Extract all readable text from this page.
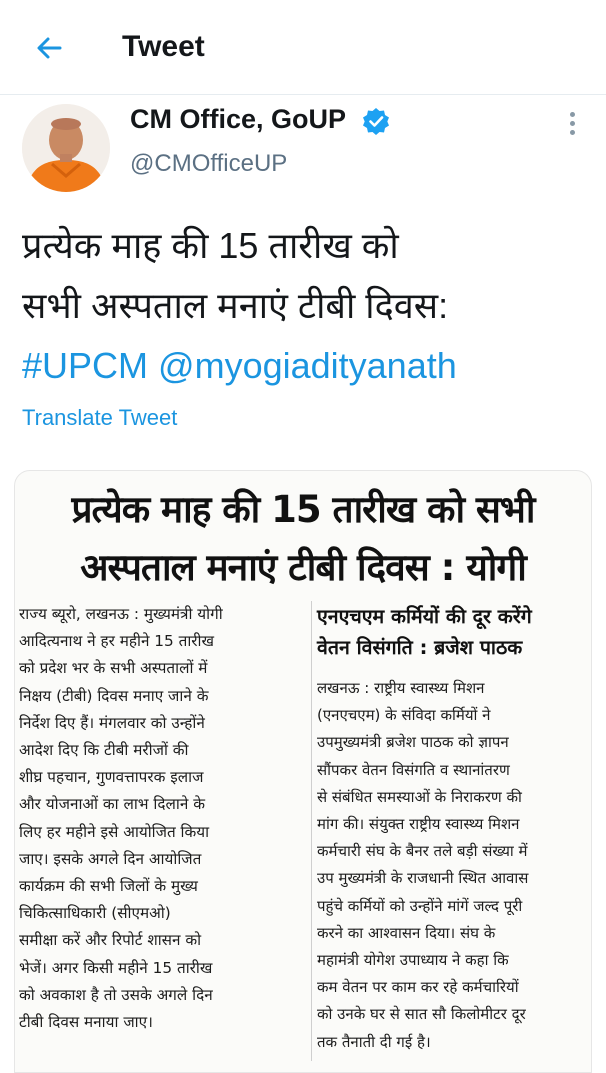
Tweet
CM Office, GoUP
@CMOfficeUP
प्रत्येक माह की 15 तारीख को
सभी अस्पताल मनाएं टीबी दिवस:
#UPCM @myogiadityanath
Translate Tweet
प्रत्येक माह की 15 तारीख को सभी
अस्पताल मनाएं टीबी दिवस : योगी
राज्य ब्यूरो, लखनऊ : मुख्यमंत्री योगी
आदित्यनाथ ने हर महीने 15 तारीख
को प्रदेश भर के सभी अस्पतालों में
निक्षय (टीबी) दिवस मनाए जाने के
निर्देश दिए हैं। मंगलवार को उन्होंने
आदेश दिए कि टीबी मरीजों की
शीघ्र पहचान, गुणवत्तापरक इलाज
और योजनाओं का लाभ दिलाने के
लिए हर महीने इसे आयोजित किया
जाए। इसके अगले दिन आयोजित
कार्यक्रम की सभी जिलों के मुख्य
चिकित्साधिकारी (सीएमओ)
समीक्षा करें और रिपोर्ट शासन को
भेजें। अगर किसी महीने 15 तारीख
को अवकाश है तो उसके अगले दिन
टीबी दिवस मनाया जाए।
एनएचएम कर्मियों की दूर करेंगे
वेतन विसंगति : ब्रजेश पाठक
लखनऊ : राष्ट्रीय स्वास्थ्य मिशन
(एनएचएम) के संविदा कर्मियों ने
उपमुख्यमंत्री ब्रजेश पाठक को ज्ञापन
सौंपकर वेतन विसंगति व स्थानांतरण
से संबंधित समस्याओं के निराकरण की
मांग की। संयुक्त राष्ट्रीय स्वास्थ्य मिशन
कर्मचारी संघ के बैनर तले बड़ी संख्या में
उप मुख्यमंत्री के राजधानी स्थित आवास
पहुंचे कर्मियों को उन्होंने मांगें जल्द पूरी
करने का आश्वासन दिया। संघ के
महामंत्री योगेश उपाध्याय ने कहा कि
कम वेतन पर काम कर रहे कर्मचारियों
को उनके घर से सात सौ किलोमीटर दूर
तक तैनाती दी गई है।
